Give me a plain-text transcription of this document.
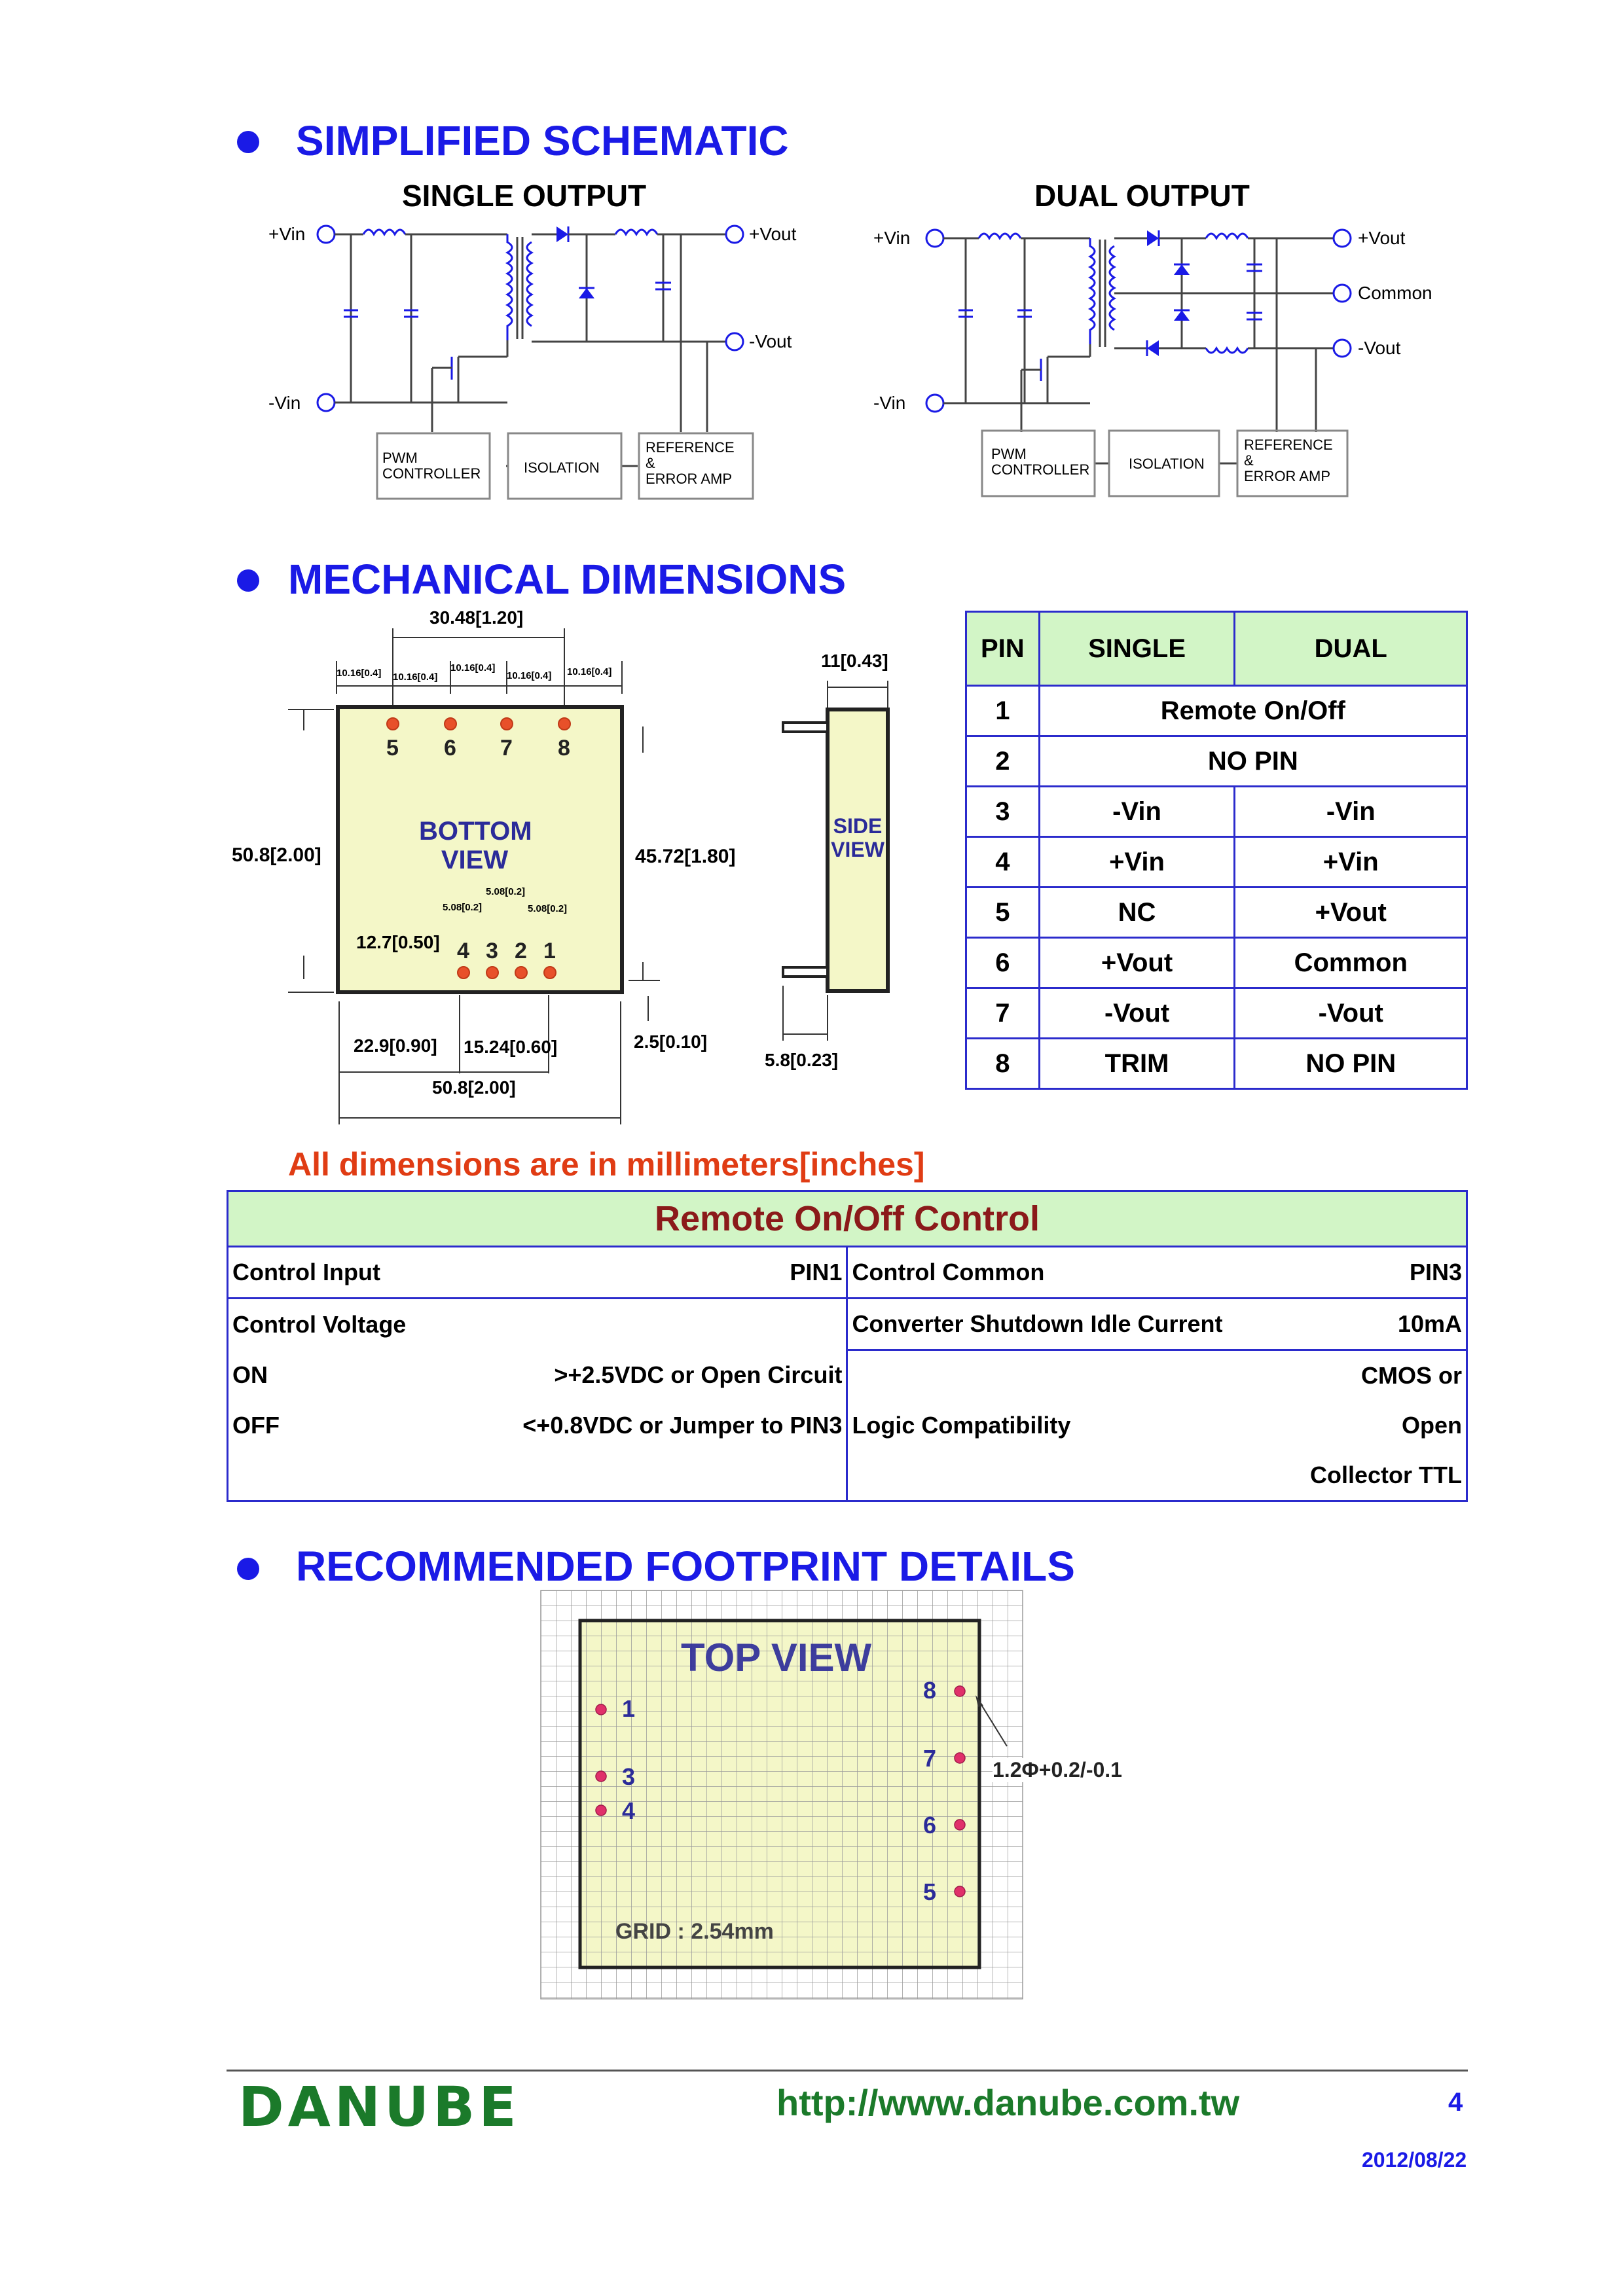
SIMPLIFIED SCHEMATIC
SINGLE OUTPUT	DUAL OUTPUT
+Vin
-Vin
+Vout
-Vout
PWM
CONTROLLER	ISOLATION
REFERENCE
&
ERROR AMP
+Vin
-Vin
+Vout
Common
-Vout
PWM
CONTROLLER	ISOLATION
REFERENCE
&
ERROR AMP
MECHANICAL DIMENSIONS
30.48[1.20]
10.16[0.4] 10.16[0.4]
10.16[0.4]
10.16[0.4] 10.16[0.4]
5 6 7 8
BOTTOM
VIEW
50.8[2.00]	45.72[1.80]
5.08[0.2]
5.08[0.2]	5.08[0.2]
12.7[0.50] 4 3 2 1
22.9[0.90] 15.24[0.60]
50.8[2.00]
2.5[0.10]
11[0.43]
SIDE
VIEW
5.8[0.23]
PIN	SINGLE	DUAL
1	Remote On/Off	
2	NO PIN	
3	-Vin	-Vin
4	+Vin	+Vin
5	NC	+Vout
6	+Vout	Common
7	-Vout	-Vout
8	TRIM	NO PIN
All dimensions are in millimeters[inches]
Remote On/Off Control	
Control Input PIN1	Control Common PIN3

Control Voltage	Converter Shutdown Idle Current 10mA

ON >+2.5VDC or Open Circuit	CMOS or
OFF <+0.8VDC or Jumper to PIN3	Logic Compatibility Open

	Collector TTL
RECOMMENDED FOOTPRINT DETAILS
TOP VIEW
1
3
4
8
7
6
5
1.2Φ+0.2/-0.1
GRID : 2.54mm
DANUBE	http://www.danube.com.tw	4
2012/08/22
